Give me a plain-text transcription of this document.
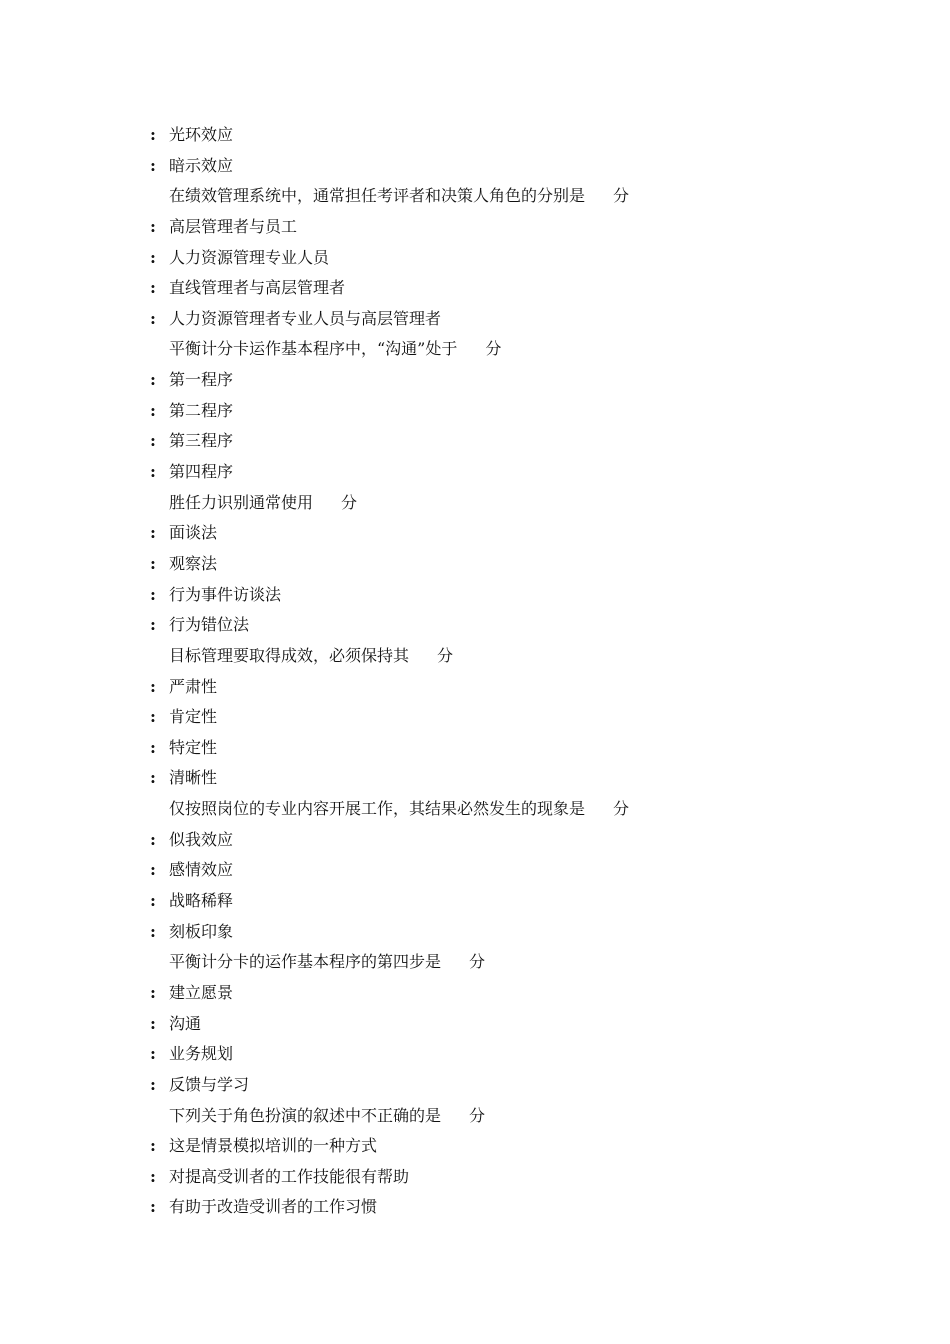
: 光环效应
: 暗示效应
在绩效管理系统中，通常担任考评者和决策人角色的分别是 分
: 高层管理者与员工
: 人力资源管理专业人员
: 直线管理者与高层管理者
: 人力资源管理者专业人员与高层管理者
平衡计分卡运作基本程序中，“沟通”处于 分
: 第一程序
: 第二程序
: 第三程序
: 第四程序
胜任力识别通常使用 分
: 面谈法
: 观察法
: 行为事件访谈法
: 行为错位法
目标管理要取得成效，必须保持其 分
: 严肃性
: 肯定性
: 特定性
: 清晰性
仅按照岗位的专业内容开展工作，其结果必然发生的现象是 分
: 似我效应
: 感情效应
: 战略稀释
: 刻板印象
平衡计分卡的运作基本程序的第四步是 分
: 建立愿景
: 沟通
: 业务规划
: 反馈与学习
下列关于角色扮演的叙述中不正确的是 分
: 这是情景模拟培训的一种方式
: 对提高受训者的工作技能很有帮助
: 有助于改造受训者的工作习惯
